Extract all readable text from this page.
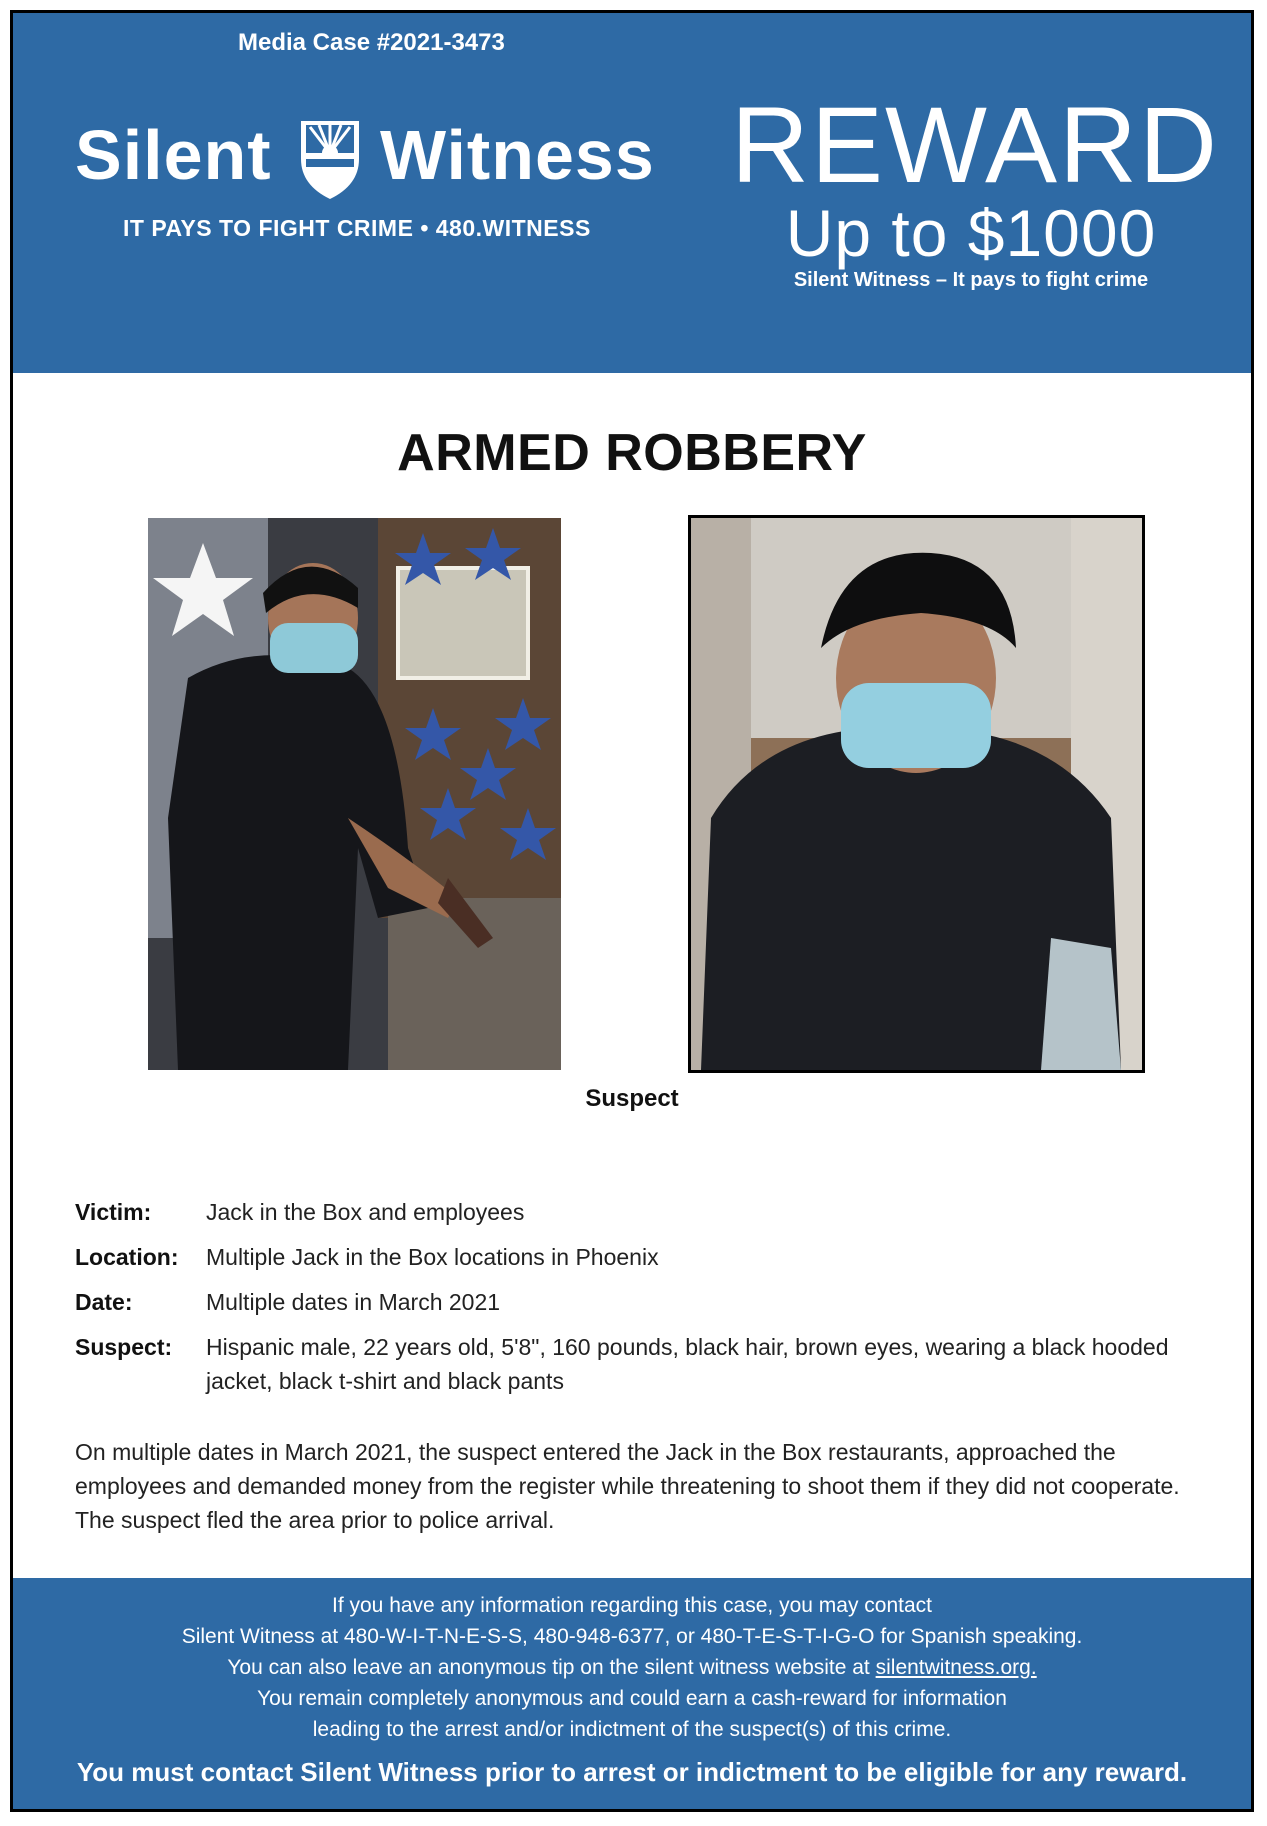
Media Case #2021-3473
Silent Witness
IT PAYS TO FIGHT CRIME • 480.WITNESS
REWARD
Up to $1000
Silent Witness – It pays to fight crime
ARMED ROBBERY
Suspect
Victim: Jack in the Box and employees
Location: Multiple Jack in the Box locations in Phoenix
Date:	Multiple dates in March 2021
Suspect: Hispanic male, 22 years old, 5'8", 160 pounds, black hair, brown eyes, wearing a black hooded jacket, black t-shirt and black pants
On multiple dates in March 2021, the suspect entered the Jack in the Box restaurants, approached the employees and demanded money from the register while threatening to shoot them if they did not cooperate. The suspect fled the area prior to police arrival.
If you have any information regarding this case, you may contact
Silent Witness at 480-W-I-T-N-E-S-S, 480-948-6377, or 480-T-E-S-T-I-G-O for Spanish speaking.
You can also leave an anonymous tip on the silent witness website at silentwitness.org.
You remain completely anonymous and could earn a cash-reward for information
leading to the arrest and/or indictment of the suspect(s) of this crime.
You must contact Silent Witness prior to arrest or indictment to be eligible for any reward.
